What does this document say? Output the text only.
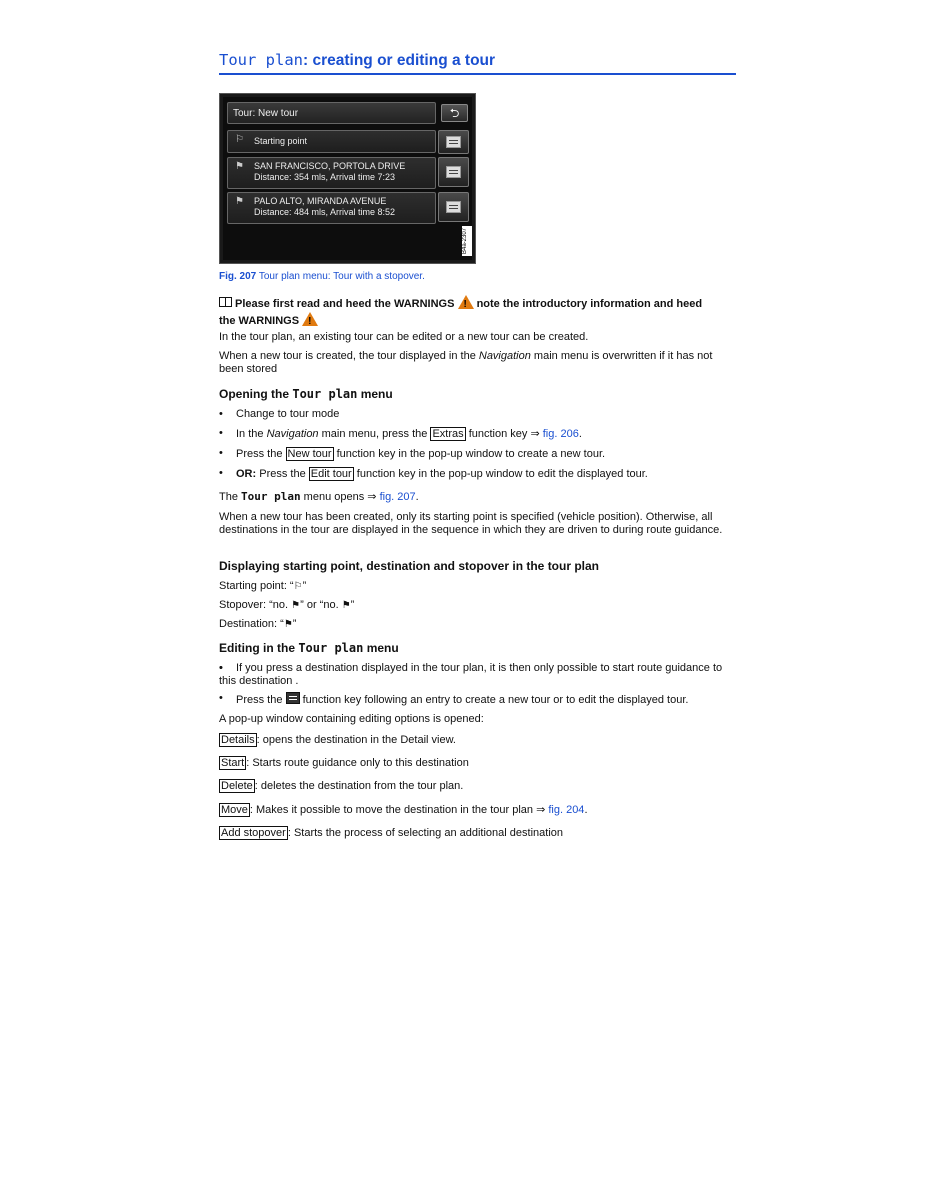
Tour plan: creating or editing a tour
Tour: New tour	⮌
⚐ Starting point
⚑ SAN FRANCISCO, PORTOLA DRIVE
Distance: 354 mls, Arrival time 7:23
⚑ PALO ALTO, MIRANDA AVENUE
Distance: 484 mls, Arrival time 8:52
B4a-2307

Fig. 207 Tour plan menu: Tour with a stopover.

Please first read and heed the WARNINGS ! note the introductory information and heed
the WARNINGS !

In the tour plan, an existing tour can be edited or a new tour can be created.

When a new tour is created, the tour displayed in the Navigation main menu is overwritten if it has not been stored

Opening the Tour plan menu

• Change to tour mode

• In the Navigation main menu, press the Extras function key ⇒ fig. 206.

• Press the New tour function key in the pop-up window to create a new tour.

• OR: Press the Edit tour function key in the pop-up window to edit the displayed tour.

The Tour plan menu opens ⇒ fig. 207.

When a new tour has been created, only its starting point is specified (vehicle position). Otherwise, all destinations in the tour are displayed in the sequence in which they are driven to during route guidance.

Displaying starting point, destination and stopover in the tour plan

Starting point: “⚐”

Stopover: “no. ⚑” or “no. ⚑”

Destination: “⚑”

Editing in the Tour plan menu

• • If you press a destination displayed in the tour plan, it is then only possible to start route guidance to this destination .

• Press the  function key following an entry to create a new tour or to edit the displayed tour.

A pop-up window containing editing options is opened:

Details : opens the destination in the Detail view.

Start : Starts route guidance only to this destination

Delete : deletes the destination from the tour plan.

Move : Makes it possible to move the destination in the tour plan ⇒ fig. 204.

Add stopover : Starts the process of selecting an additional destination
